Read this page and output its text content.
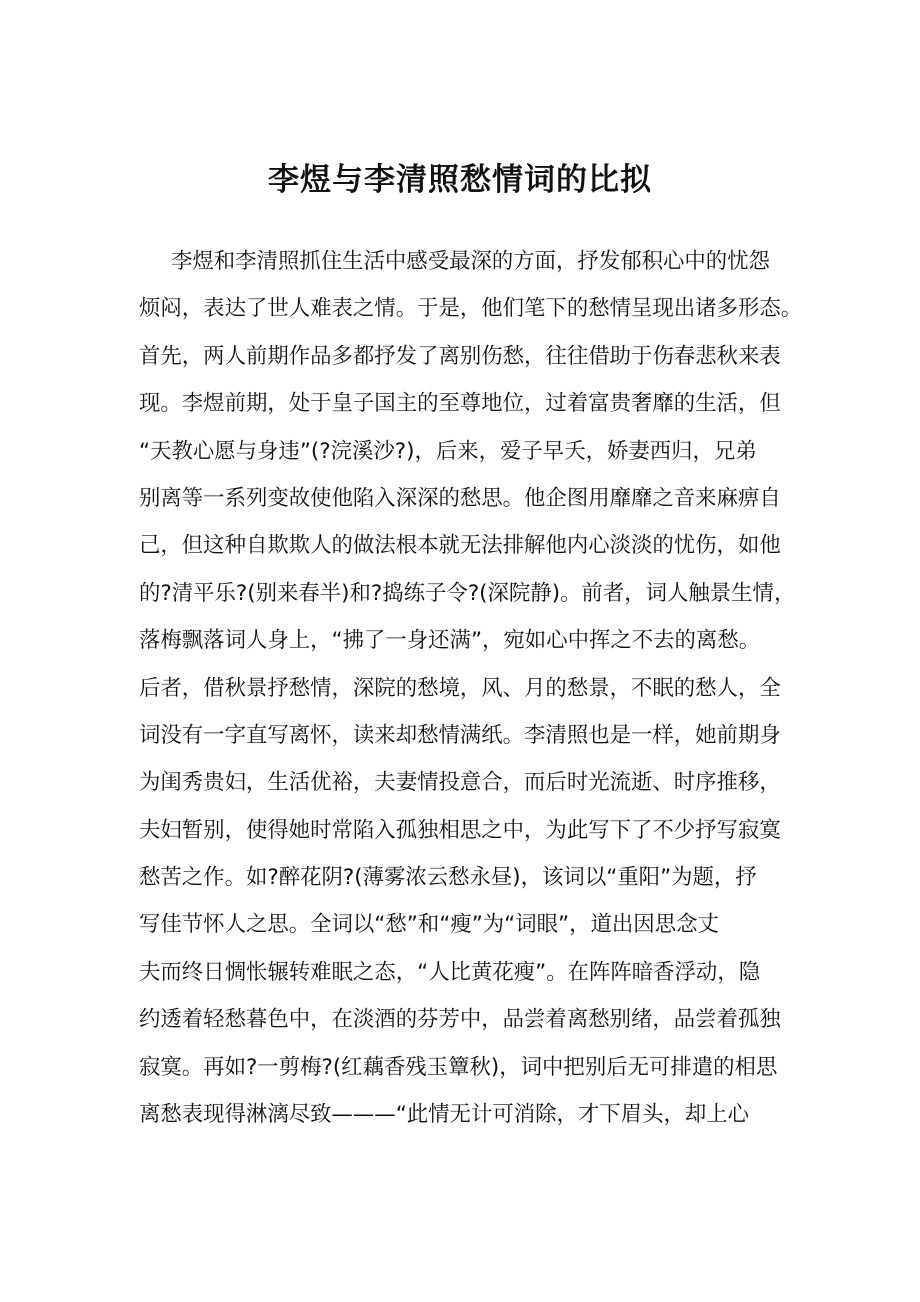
李煜与李清照愁情词的比拟
李煜和李清照抓住生活中感受最深的方面，抒发郁积心中的忧怨
烦闷，表达了世人难表之情。于是，他们笔下的愁情呈现出诸多形态。
首先，两人前期作品多都抒发了离别伤愁，往往借助于伤春悲秋来表
现。李煜前期，处于皇子国主的至尊地位，过着富贵奢靡的生活，但
“天教心愿与身违”(?浣溪沙?)，后来，爱子早夭，娇妻西归，兄弟
别离等一系列变故使他陷入深深的愁思。他企图用靡靡之音来麻痹自
己，但这种自欺欺人的做法根本就无法排解他内心淡淡的忧伤，如他
的?清平乐?(别来春半)和?捣练子令?(深院静)。前者，词人触景生情，
落梅飘落词人身上，“拂了一身还满”，宛如心中挥之不去的离愁。
后者，借秋景抒愁情，深院的愁境，风、月的愁景，不眠的愁人，全
词没有一字直写离怀，读来却愁情满纸。李清照也是一样，她前期身
为闺秀贵妇，生活优裕，夫妻情投意合，而后时光流逝、时序推移，
夫妇暂别，使得她时常陷入孤独相思之中，为此写下了不少抒写寂寞
愁苦之作。如?醉花阴?(薄雾浓云愁永昼)，该词以“重阳”为题，抒
写佳节怀人之思。全词以“愁”和“瘦”为“词眼”，道出因思念丈
夫而终日惆怅辗转难眠之态，“人比黄花瘦”。在阵阵暗香浮动，隐
约透着轻愁暮色中，在淡酒的芬芳中，品尝着离愁别绪，品尝着孤独
寂寞。再如?一剪梅?(红藕香残玉簟秋)，词中把别后无可排遣的相思
离愁表现得淋漓尽致———“此情无计可消除，才下眉头，却上心
